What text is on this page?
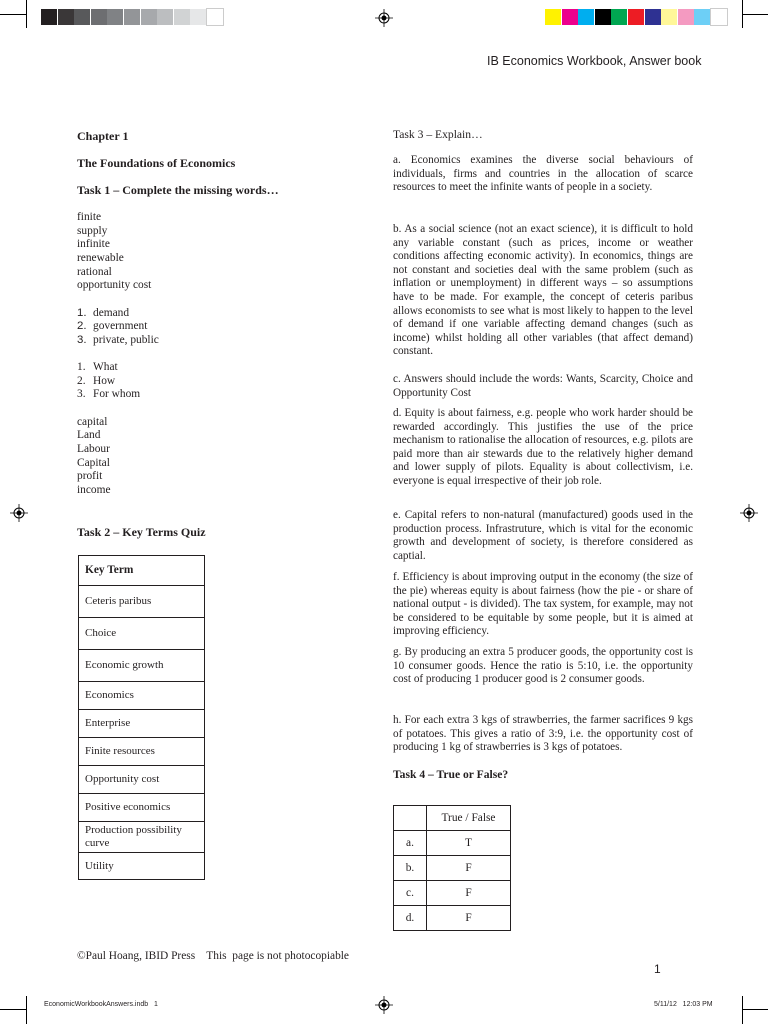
IB Economics Workbook, Answer book
Chapter 1
The Foundations of Economics
Task 1 – Complete the missing words…
finite
supply
infinite
renewable
rational
opportunity cost
1. demand
2. government
3. private, public
1. What
2. How
3. For whom
capital
Land
Labour
Capital
profit
income
Task 2 – Key Terms Quiz
Key Term
Ceteris paribus
Choice
Economic growth
Economics
Enterprise
Finite resources
Opportunity cost
Positive economics
Production possibility curve
Utility
Task 3 – Explain…
a. Economics examines the diverse social behaviours of individuals, firms and countries in the allocation of scarce resources to meet the infinite wants of people in a society.
b. As a social science (not an exact science), it is difficult to hold any variable constant (such as prices, income or weather conditions affecting economic activity). In economics, things are not constant and societies deal with the same problem (such as inflation or unemployment) in different ways – so assumptions have to be made. For example, the concept of ceteris paribus allows economists to see what is most likely to happen to the level of demand if one variable affecting demand changes (such as income) whilst holding all other variables (that affect demand) constant.
c. Answers should include the words: Wants, Scarcity, Choice and Opportunity Cost
d. Equity is about fairness, e.g. people who work harder should be rewarded accordingly. This justifies the use of the price mechanism to rationalise the allocation of resources, e.g. pilots are paid more than air stewards due to the relatively higher demand and lower supply of pilots. Equality is about collectivism, i.e. everyone is equal irrespective of their job role.
e. Capital refers to non-natural (manufactured) goods used in the production process. Infrastruture, which is vital for the economic growth and development of society, is therefore considered as captial.
f. Efficiency is about improving output in the economy (the size of the pie) whereas equity is about fairness (how the pie - or share of national output - is divided). The tax system, for example, may not be considered to be equitable by some people, but it is aimed at improving efficiency.
g. By producing an extra 5 producer goods, the opportunity cost is 10 consumer goods. Hence the ratio is 5:10, i.e. the opportunity cost of producing 1 producer good is 2 consumer goods.
h. For each extra 3 kgs of strawberries, the farmer sacrifices 9 kgs of potatoes. This gives a ratio of 3:9, i.e. the opportunity cost of producing 1 kg of strawberries is 3 kgs of potatoes.
Task 4 – True or False?
	True / False
a.	T
b.	F
c.	F
d.	F
©Paul Hoang, IBID Press    This  page is not photocopiable
1
EconomicWorkbookAnswers.indb   1	5/11/12   12:03 PM
